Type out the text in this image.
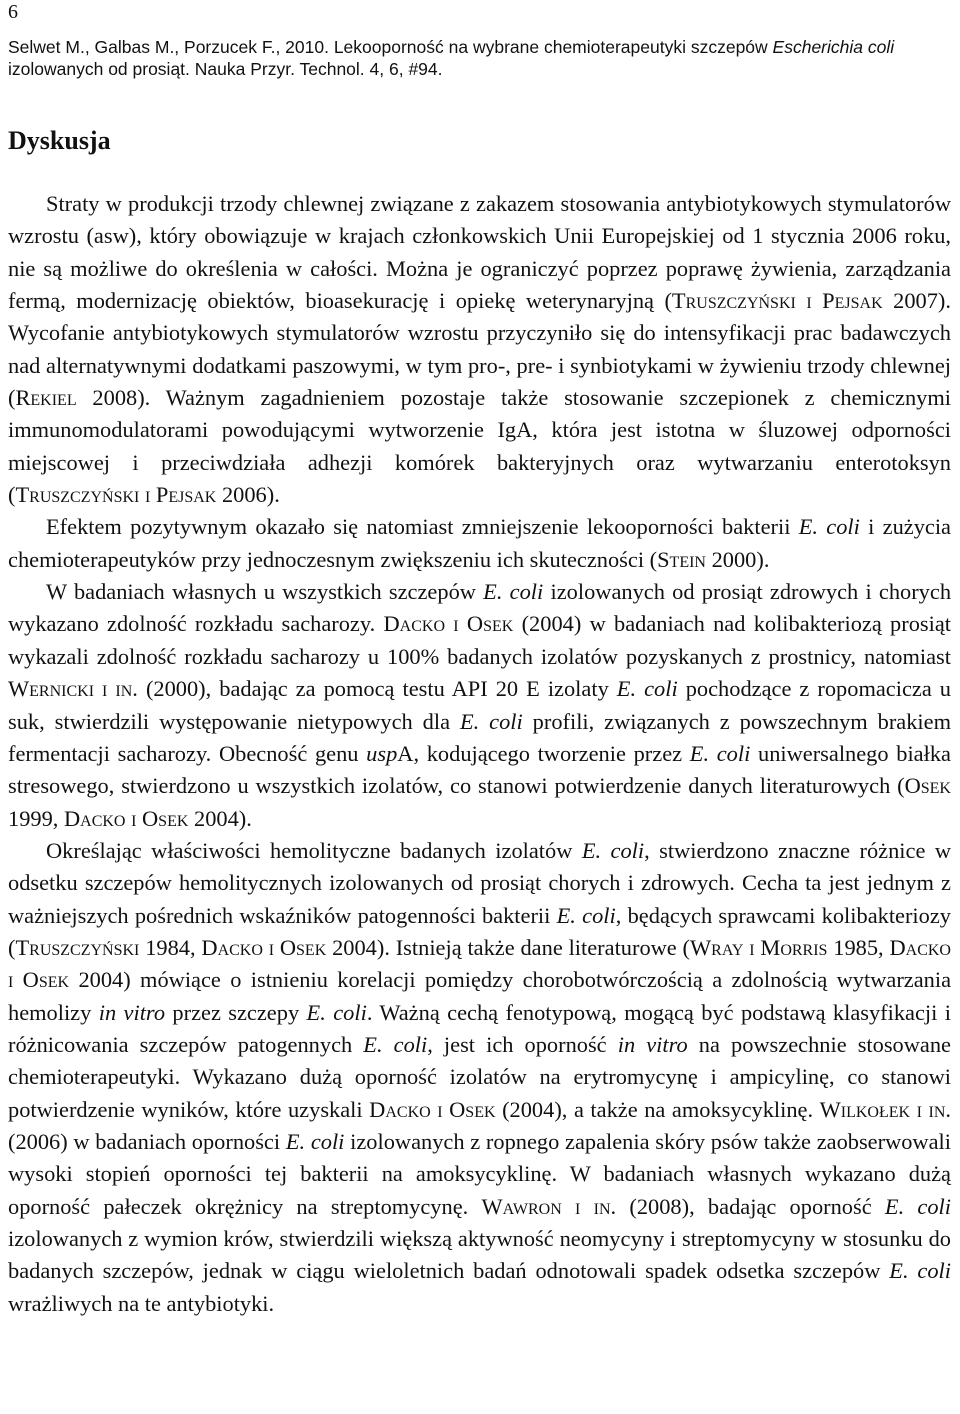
6
Selwet M., Galbas M., Porzucek F., 2010. Lekooporność na wybrane chemioterapeutyki szczepów Escherichia coli izolowanych od prosiąt. Nauka Przyr. Technol. 4, 6, #94.
Dyskusja

Straty w produkcji trzody chlewnej związane z zakazem stosowania antybiotykowych stymulatorów wzrostu (asw), który obowiązuje w krajach członkowskich Unii Europejskiej od 1 stycznia 2006 roku, nie są możliwe do określenia w całości. Można je ograniczyć poprzez poprawę żywienia, zarządzania fermą, modernizację obiektów, bioasekurację i opiekę weterynaryjną (Truszczyński i Pejsak 2007). Wycofanie antybiotykowych stymulatorów wzrostu przyczyniło się do intensyfikacji prac badawczych nad alternatywnymi dodatkami paszowymi, w tym pro-, pre- i synbiotykami w żywieniu trzody chlewnej (Rekiel 2008). Ważnym zagadnieniem pozostaje także stosowanie szczepionek z chemicznymi immunomodulatorami powodującymi wytworzenie IgA, która jest istotna w śluzowej odporności miejscowej i przeciwdziała adhezji komórek bakteryjnych oraz wytwarzaniu enterotoksyn (Truszczyński i Pejsak 2006).

Efektem pozytywnym okazało się natomiast zmniejszenie lekooporności bakterii E. coli i zużycia chemioterapeutyków przy jednoczesnym zwiększeniu ich skuteczności (Stein 2000).

W badaniach własnych u wszystkich szczepów E. coli izolowanych od prosiąt zdrowych i chorych wykazano zdolność rozkładu sacharozy. Dacko i Osek (2004) w badaniach nad kolibakteriozą prosiąt wykazali zdolność rozkładu sacharozy u 100% badanych izolatów pozyskanych z prostnicy, natomiast Wernicki i in. (2000), badając za pomocą testu API 20 E izolaty E. coli pochodzące z ropomacicza u suk, stwierdzili występowanie nietypowych dla E. coli profili, związanych z powszechnym brakiem fermentacji sacharozy. Obecność genu uspA, kodującego tworzenie przez E. coli uniwersalnego białka stresowego, stwierdzono u wszystkich izolatów, co stanowi potwierdzenie danych literaturowych (Osek 1999, Dacko i Osek 2004).

Określając właściwości hemolityczne badanych izolatów E. coli, stwierdzono znaczne różnice w odsetku szczepów hemolitycznych izolowanych od prosiąt chorych i zdrowych. Cecha ta jest jednym z ważniejszych pośrednich wskaźników patogenności bakterii E. coli, będących sprawcami kolibakteriozy (Truszczyński 1984, Dacko i Osek 2004). Istnieją także dane literaturowe (Wray i Morris 1985, Dacko i Osek 2004) mówiące o istnieniu korelacji pomiędzy chorobotwórczością a zdolnością wytwarzania hemolizy in vitro przez szczepy E. coli. Ważną cechą fenotypową, mogącą być podstawą klasyfikacji i różnicowania szczepów patogennych E. coli, jest ich oporność in vitro na powszechnie stosowane chemioterapeutyki. Wykazano dużą oporność izolatów na erytromycynę i ampicylinę, co stanowi potwierdzenie wyników, które uzyskali Dacko i Osek (2004), a także na amoksycyklinę. Wilkołek i in. (2006) w badaniach oporności E. coli izolowanych z ropnego zapalenia skóry psów także zaobserwowali wysoki stopień oporności tej bakterii na amoksycyklinę. W badaniach własnych wykazano dużą oporność pałeczek okrężnicy na streptomycynę. Wawron i in. (2008), badając oporność E. coli izolowanych z wymion krów, stwierdzili większą aktywność neomycyny i streptomycyny w stosunku do badanych szczepów, jednak w ciągu wieloletnich badań odnotowali spadek odsetka szczepów E. coli wrażliwych na te antybiotyki.
